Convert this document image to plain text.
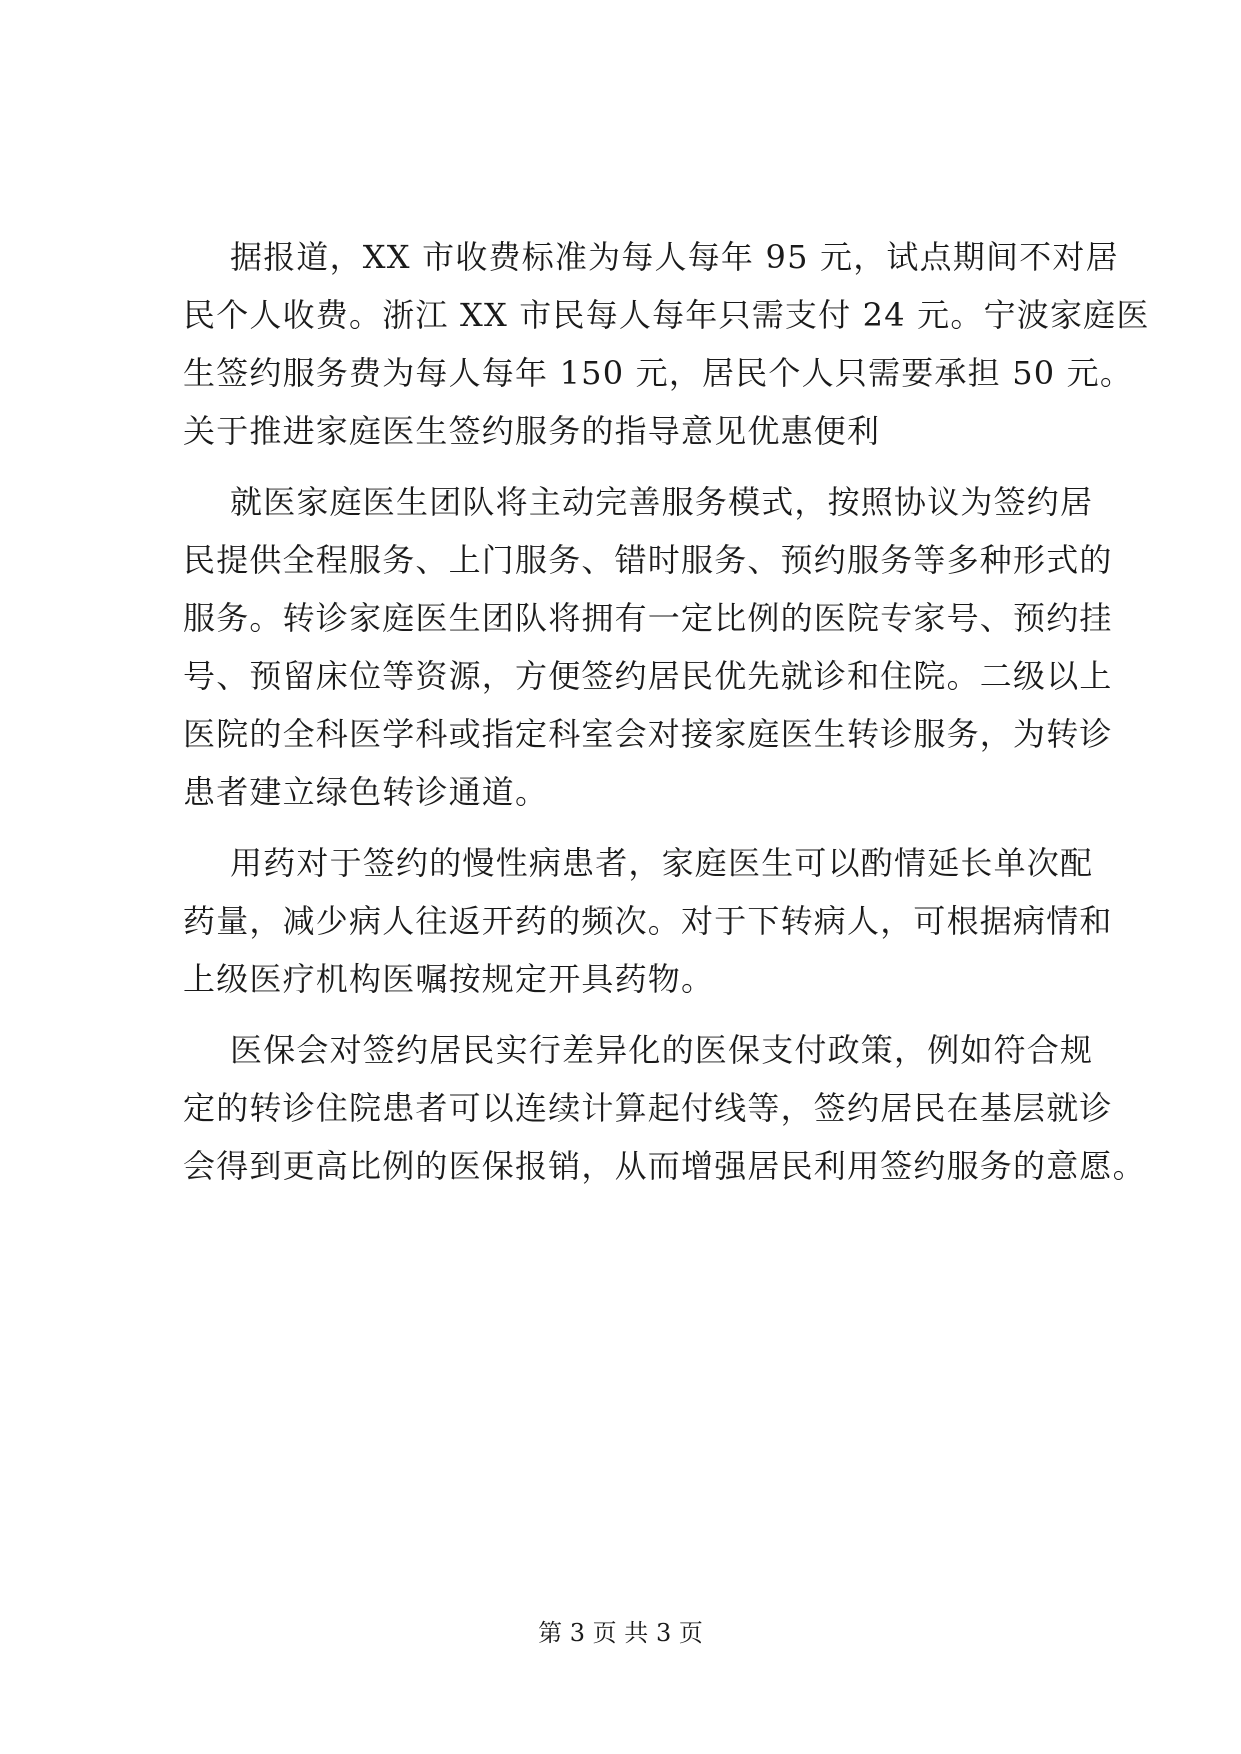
据报道，XX 市收费标准为每人每年 95 元，试点期间不对居
民个人收费。浙江 XX 市民每人每年只需支付 24 元。宁波家庭医
生签约服务费为每人每年 150 元，居民个人只需要承担 50 元。
关于推进家庭医生签约服务的指导意见优惠便利

就医家庭医生团队将主动完善服务模式，按照协议为签约居
民提供全程服务、上门服务、错时服务、预约服务等多种形式的
服务。转诊家庭医生团队将拥有一定比例的医院专家号、预约挂
号、预留床位等资源，方便签约居民优先就诊和住院。二级以上
医院的全科医学科或指定科室会对接家庭医生转诊服务，为转诊
患者建立绿色转诊通道。

用药对于签约的慢性病患者，家庭医生可以酌情延长单次配
药量，减少病人往返开药的频次。对于下转病人，可根据病情和
上级医疗机构医嘱按规定开具药物。

医保会对签约居民实行差异化的医保支付政策，例如符合规
定的转诊住院患者可以连续计算起付线等，签约居民在基层就诊
会得到更高比例的医保报销，从而增强居民利用签约服务的意愿。

第 3 页 共 3 页
